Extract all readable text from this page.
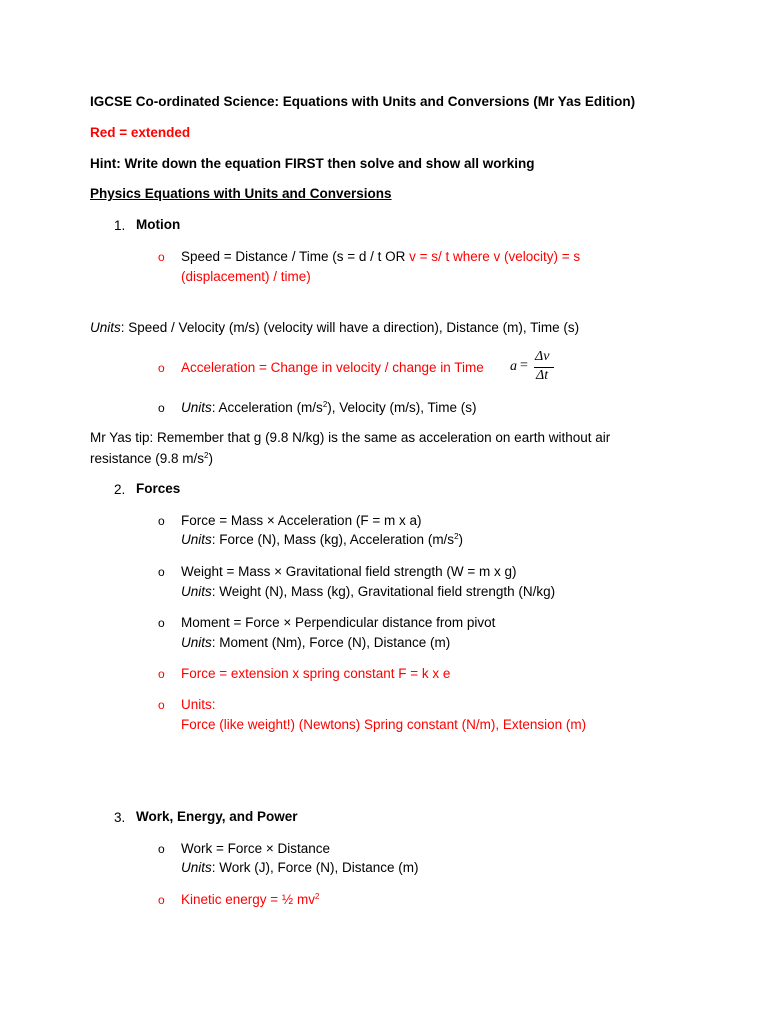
IGCSE Co-ordinated Science: Equations with Units and Conversions (Mr Yas Edition)
Red = extended
Hint: Write down the equation FIRST then solve and show all working
Physics Equations with Units and Conversions
1. Motion
o Speed = Distance / Time (s = d / t OR v = s/ t where v (velocity) = s
(displacement) / time)
Units: Speed / Velocity (m/s) (velocity will have a direction), Distance (m), Time (s)
o Acceleration = Change in velocity / change in Time a =
Δv
Δt
o Units: Acceleration $(m/s^2)$, Velocity (m/s), Time (s)
Mr Yas tip: Remember that g (9.8 N/kg) is the same as acceleration on earth without air
resistance (9.8 $m/s^2$)
2. Forces
o Force = Mass × Acceleration (F = m x a)
Units: Force (N), Mass (kg), Acceleration $(m/s^2)$
o Weight = Mass × Gravitational field strength (W = m x g)
Units: Weight (N), Mass (kg), Gravitational field strength (N/kg)
o Moment = Force × Perpendicular distance from pivot
Units: Moment (Nm), Force (N), Distance (m)
o Force = extension x spring constant F = k x e
o Units:
Force (like weight!) (Newtons) Spring constant (N/m), Extension (m)
3. Work, Energy, and Power
o Work = Force × Distance
Units: Work (J), Force (N), Distance (m)
o Kinetic energy = ½ $mv^2$
